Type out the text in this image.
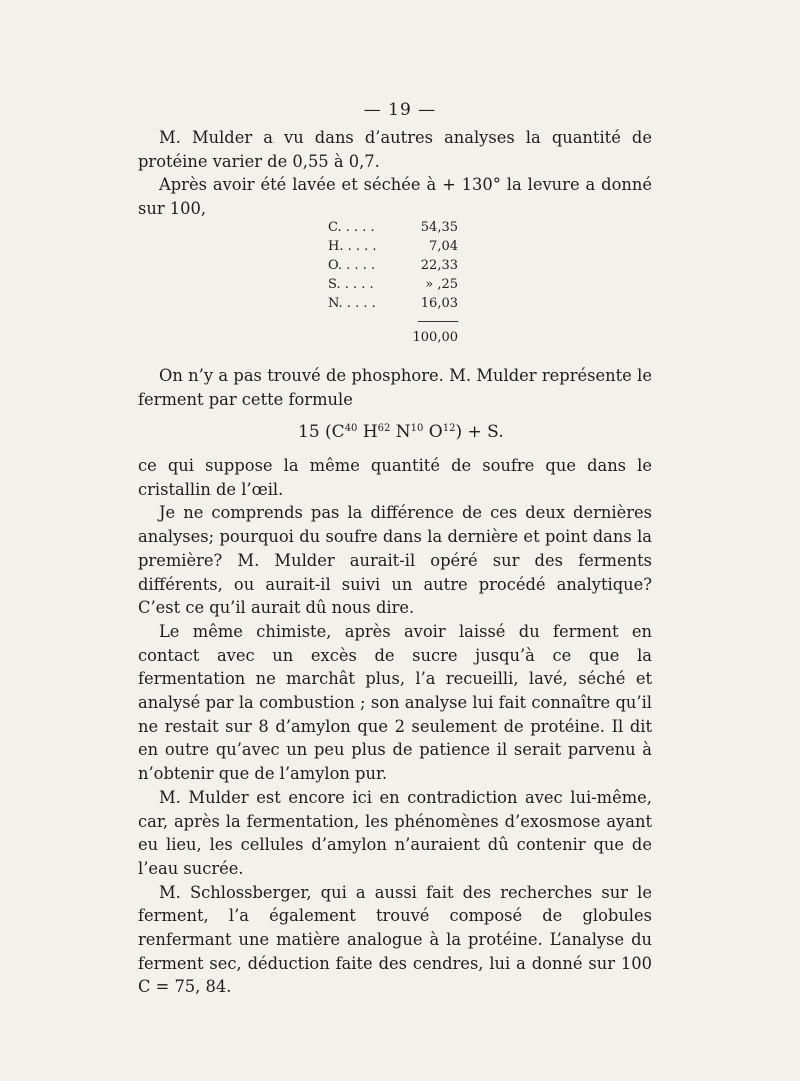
— 19 —

M. Mulder a vu dans d’autres analyses la quantité de protéine varier de 0,55 à 0,7.

Après avoir été lavée et séchée à + 130° la levure a donné sur 100,

C. . . . .	54,35
H. . . . .	7,04
O. . . . .	22,33
S. . . . .	» ,25
N. . . . .	16,03
100,00

On n’y a pas trouvé de phosphore. M. Mulder représente le ferment par cette formule

15 ($C^{40}$ $H^{62}$ $N^{10}$ $O^{12}) + S$.

ce qui suppose la même quantité de soufre que dans le cristallin de l’œil.

Je ne comprends pas la différence de ces deux dernières analyses; pourquoi du soufre dans la dernière et point dans la première? M. Mulder aurait-il opéré sur des ferments différents, ou aurait-il suivi un autre procédé analytique? C’est ce qu’il aurait dû nous dire.

Le même chimiste, après avoir laissé du ferment en contact avec un excès de sucre jusqu’à ce que la fermentation ne marchât plus, l’a recueilli, lavé, séché et analysé par la combustion ; son analyse lui fait connaître qu’il ne restait sur 8 d’amylon que 2 seulement de protéine. Il dit en outre qu’avec un peu plus de patience il serait parvenu à n’obtenir que de l’amylon pur.

M. Mulder est encore ici en contradiction avec lui-même, car, après la fermentation, les phénomènes d’exosmose ayant eu lieu, les cellules d’amylon n’auraient dû contenir que de l’eau sucrée.

M. Schlossberger, qui a aussi fait des recherches sur le ferment, l’a également trouvé composé de globules renfermant une matière analogue à la protéine. L’analyse du ferment sec, déduction faite des cendres, lui a donné sur 100 C = 75, 84.
